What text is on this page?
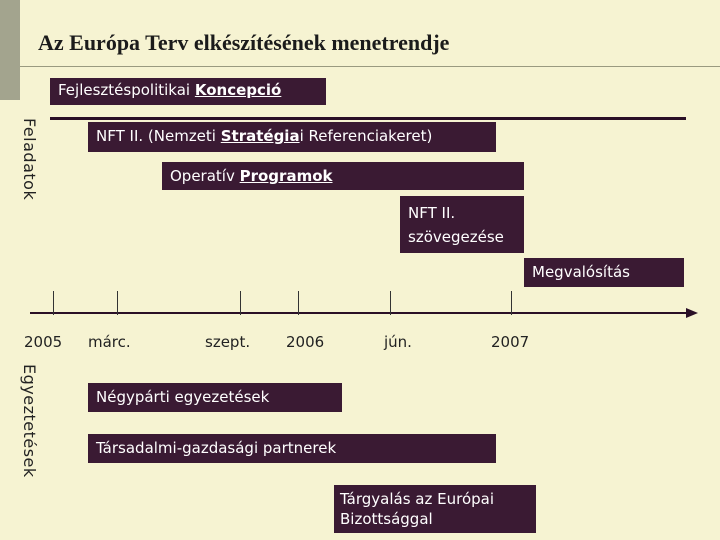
Az Európa Terv elkészítésének menetrendje
Fejlesztéspolitikai Koncepció
Feladatok	NFT II. (Nemzeti Stratégiai Referenciakeret)
Operatív Programok
NFT II.
szövegezése
Megvalósítás
2005 márc.	szept. 2006	jún.	2007
Egyeztetések	Négypárti egyezetések
Társadalmi-gazdasági partnerek
Tárgyalás az Európai
Bizottsággal
